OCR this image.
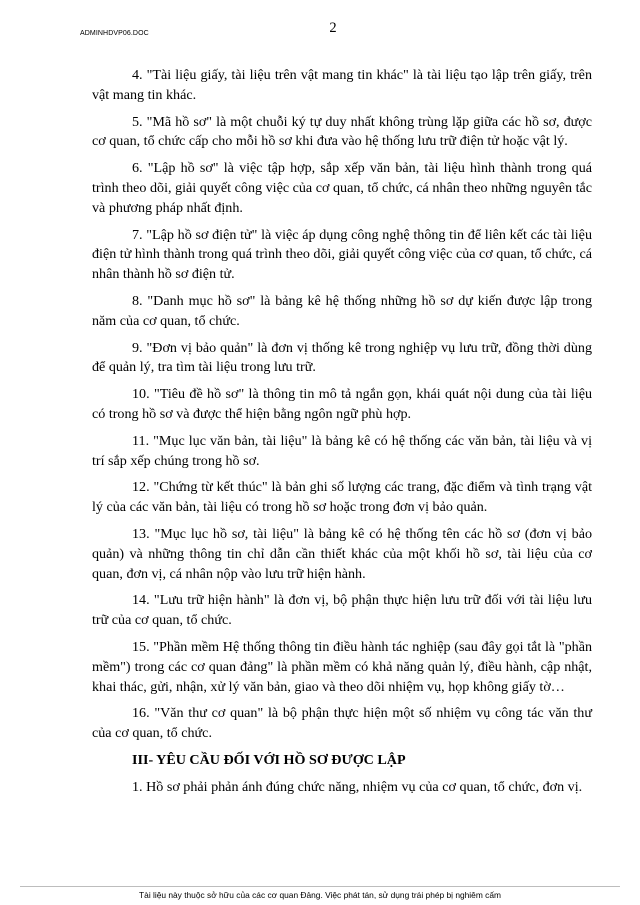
ADMINHDVP06.DOC	2

4. "Tài liệu giấy, tài liệu trên vật mang tin khác" là tài liệu tạo lập trên giấy, trên vật mang tin khác.

5. "Mã hồ sơ" là một chuỗi ký tự duy nhất không trùng lặp giữa các hồ sơ, được cơ quan, tổ chức cấp cho mỗi hồ sơ khi đưa vào hệ thống lưu trữ điện tử hoặc vật lý.

6. "Lập hồ sơ" là việc tập hợp, sắp xếp văn bản, tài liệu hình thành trong quá trình theo dõi, giải quyết công việc của cơ quan, tổ chức, cá nhân theo những nguyên tắc và phương pháp nhất định.

7. "Lập hồ sơ điện tử" là việc áp dụng công nghệ thông tin để liên kết các tài liệu điện tử hình thành trong quá trình theo dõi, giải quyết công việc của cơ quan, tổ chức, cá nhân thành hồ sơ điện tử.

8. "Danh mục hồ sơ" là bảng kê hệ thống những hồ sơ dự kiến được lập trong năm của cơ quan, tổ chức.

9. "Đơn vị bảo quản" là đơn vị thống kê trong nghiệp vụ lưu trữ, đồng thời dùng để quản lý, tra tìm tài liệu trong lưu trữ.

10. "Tiêu đề hồ sơ" là thông tin mô tả ngắn gọn, khái quát nội dung của tài liệu có trong hồ sơ và được thể hiện bằng ngôn ngữ phù hợp.

11. "Mục lục văn bản, tài liệu" là bảng kê có hệ thống các văn bản, tài liệu và vị trí sắp xếp chúng trong hồ sơ.

12. "Chứng từ kết thúc" là bản ghi số lượng các trang, đặc điểm và tình trạng vật lý của các văn bản, tài liệu có trong hồ sơ hoặc trong đơn vị bảo quản.

13. "Mục lục hồ sơ, tài liệu" là bảng kê có hệ thống tên các hồ sơ (đơn vị bảo quản) và những thông tin chỉ dẫn cần thiết khác của một khối hồ sơ, tài liệu của cơ quan, đơn vị, cá nhân nộp vào lưu trữ hiện hành.

14. "Lưu trữ hiện hành" là đơn vị, bộ phận thực hiện lưu trữ đối với tài liệu lưu trữ của cơ quan, tổ chức.

15. "Phần mềm Hệ thống thông tin điều hành tác nghiệp (sau đây gọi tắt là "phần mềm") trong các cơ quan đảng" là phần mềm có khả năng quản lý, điều hành, cập nhật, khai thác, gửi, nhận, xử lý văn bản, giao và theo dõi nhiệm vụ, họp không giấy tờ…

16. "Văn thư cơ quan" là bộ phận thực hiện một số nhiệm vụ công tác văn thư của cơ quan, tổ chức.

III- YÊU CẦU ĐỐI VỚI HỒ SƠ ĐƯỢC LẬP

1. Hồ sơ phải phản ánh đúng chức năng, nhiệm vụ của cơ quan, tổ chức, đơn vị.

Tài liệu này thuộc sở hữu của các cơ quan Đảng. Việc phát tán, sử dụng trái phép bị nghiêm cấm
